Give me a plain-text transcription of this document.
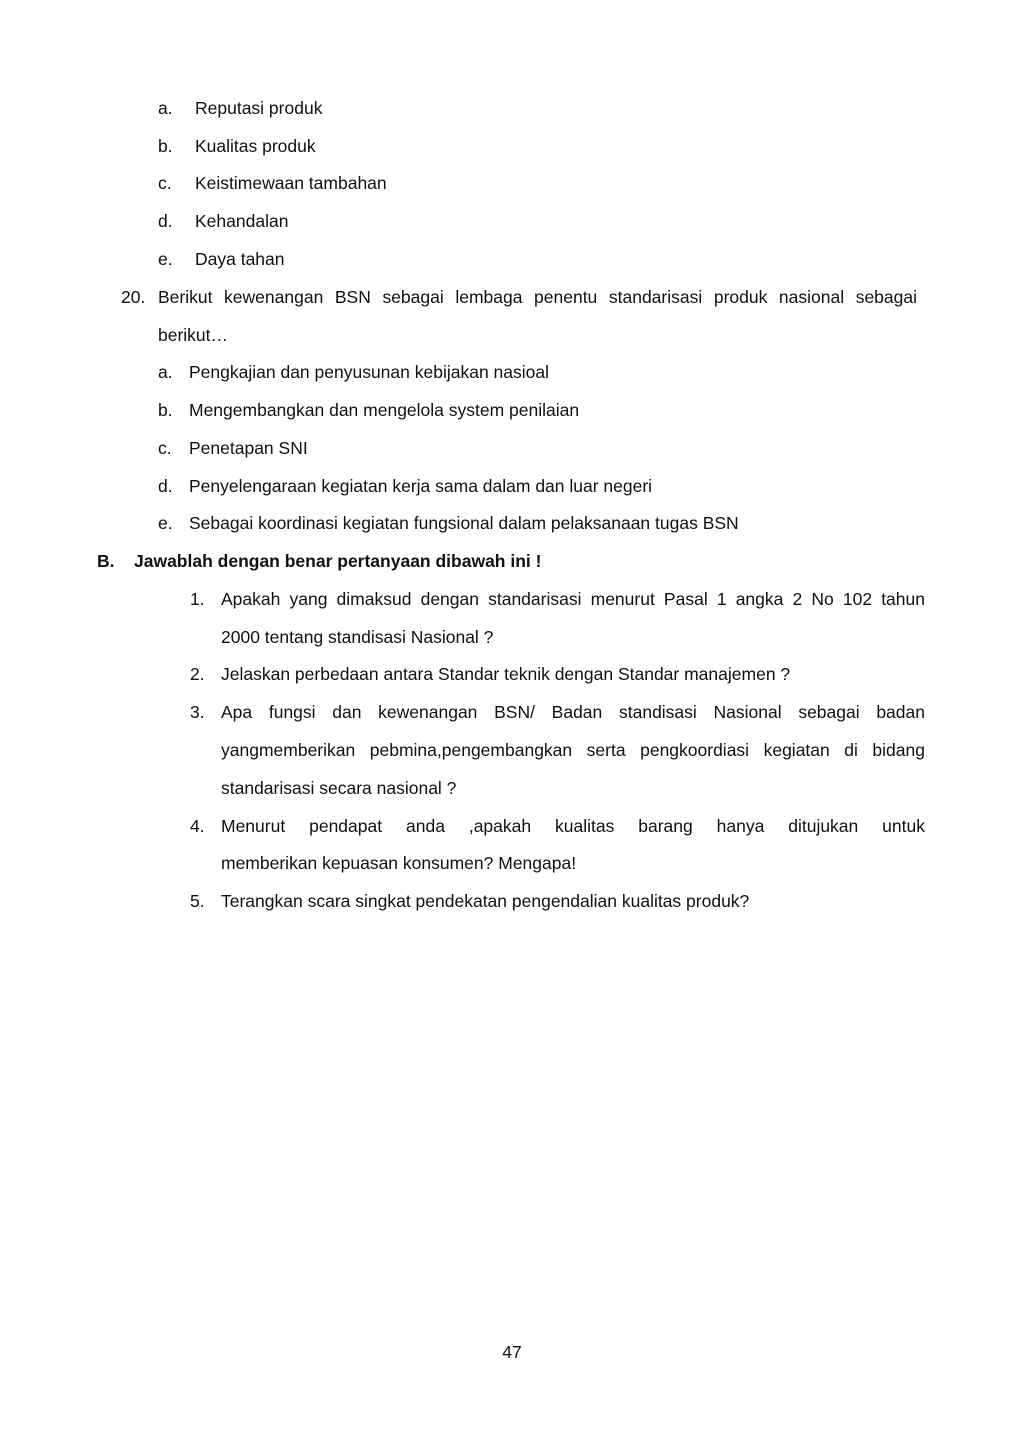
a. Reputasi produk
b. Kualitas produk
c. Keistimewaan tambahan
d. Kehandalan
e. Daya tahan
20. Berikut kewenangan BSN sebagai lembaga penentu standarisasi produk nasional sebagai
berikut…
a. Pengkajian dan penyusunan kebijakan nasioal
b. Mengembangkan dan mengelola system penilaian
c. Penetapan SNI
d. Penyelengaraan kegiatan kerja sama dalam dan luar negeri
e. Sebagai koordinasi kegiatan fungsional dalam pelaksanaan tugas BSN
B. Jawablah dengan benar pertanyaan dibawah ini !
1. Apakah yang dimaksud dengan standarisasi menurut Pasal 1 angka 2 No 102 tahun
2000 tentang standisasi Nasional ?
2. Jelaskan perbedaan antara Standar teknik dengan Standar manajemen ?
3. Apa fungsi dan kewenangan BSN/ Badan standisasi Nasional sebagai badan
yangmemberikan pebmina,pengembangkan serta pengkoordiasi kegiatan di bidang
standarisasi secara nasional ?
4. Menurut pendapat anda ,apakah kualitas barang hanya ditujukan untuk
memberikan kepuasan konsumen? Mengapa!
5. Terangkan scara singkat pendekatan pengendalian kualitas produk?
47
